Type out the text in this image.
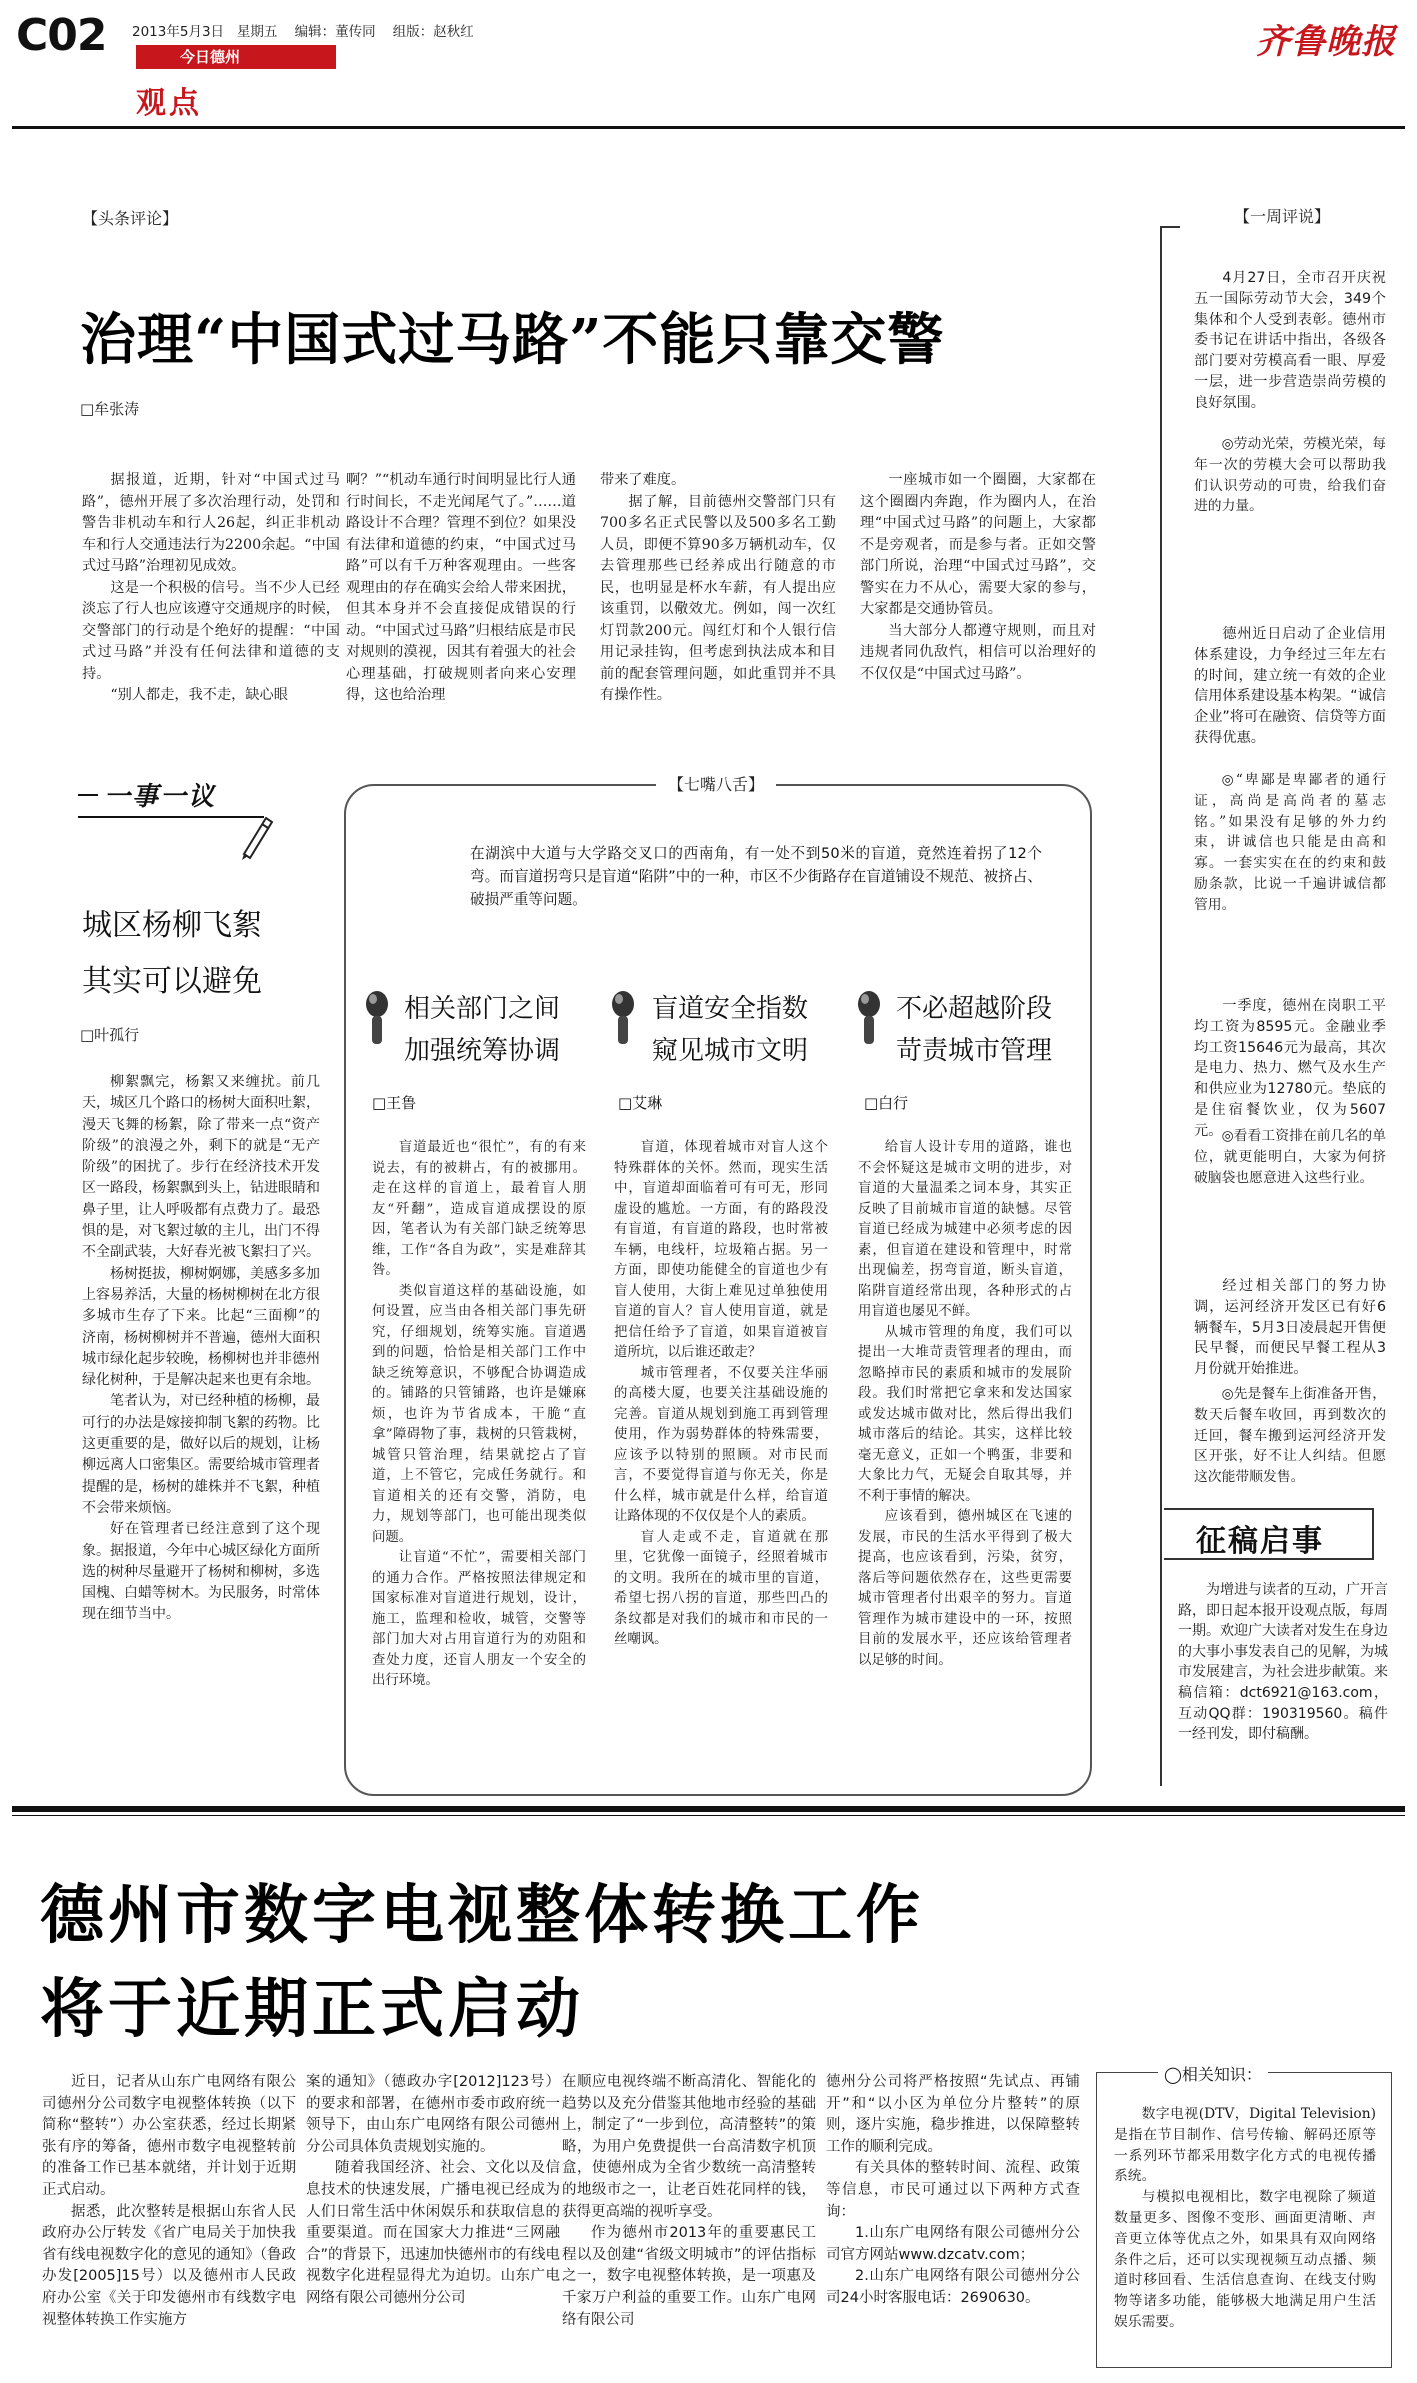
C02 2013年5月3日 星期五 编辑：董传同 组版：赵秋红
今日德州
观点
齐鲁晚报
【头条评论】
治理“中国式过马路”不能只靠交警
□牟张涛

据报道，近期，针对“中国式过马路”，德州开展了多次治理行动，处罚和警告非机动车和行人26起，纠正非机动车和行人交通违法行为2200余起。“中国式过马路”治理初见成效。

这是一个积极的信号。当不少人已经淡忘了行人也应该遵守交通规序的时候，交警部门的行动是个绝好的提醒：“中国式过马路”并没有任何法律和道德的支持。

“别人都走，我不走，缺心眼

啊？”“机动车通行时间明显比行人通行时间长，不走光闻尾气了。”……道路设计不合理？管理不到位？如果没有法律和道德的约束，“中国式过马路”可以有千万种客观理由。一些客观理由的存在确实会给人带来困扰，但其本身并不会直接促成错误的行动。“中国式过马路”归根结底是市民对规则的漠视，因其有着强大的社会心理基础，打破规则者向来心安理得，这也给治理

带来了难度。

据了解，目前德州交警部门只有700多名正式民警以及500多名工勤人员，即便不算90多万辆机动车，仅去管理那些已经养成出行随意的市民，也明显是杯水车薪，有人提出应该重罚，以儆效尤。例如，闯一次红灯罚款200元。闯红灯和个人银行信用记录挂钩，但考虑到执法成本和目前的配套管理问题，如此重罚并不具有操作性。

一座城市如一个圈圈，大家都在这个圈圈内奔跑，作为圈内人，在治理“中国式过马路”的问题上，大家都不是旁观者，而是参与者。正如交警部门所说，治理“中国式过马路”，交警实在力不从心，需要大家的参与，大家都是交通协管员。

当大部分人都遵守规则，而且对违规者同仇敌忾，相信可以治理好的不仅仅是“中国式过马路”。

一事一议
城区杨柳飞絮
其实可以避免
□叶孤行

柳絮飘完，杨絮又来缠扰。前几天，城区几个路口的杨树大面积吐絮，漫天飞舞的杨絮，除了带来一点“资产阶级”的浪漫之外，剩下的就是“无产阶级”的困扰了。步行在经济技术开发区一路段，杨絮飘到头上，钻进眼睛和鼻子里，让人呼吸都有点费力了。最恐惧的是，对飞絮过敏的主儿，出门不得不全副武装，大好春光被飞絮扫了兴。

杨树挺拔，柳树婀娜，美感多多加上容易养活，大量的杨树柳树在北方很多城市生存了下来。比起“三面柳”的济南，杨树柳树并不普遍，德州大面积城市绿化起步较晚，杨柳树也并非德州绿化树种，于是解决起来也更有余地。

笔者认为，对已经种植的杨柳，最可行的办法是嫁接抑制飞絮的药物。比这更重要的是，做好以后的规划，让杨柳远离人口密集区。需要给城市管理者提醒的是，杨树的雄株并不飞絮，种植不会带来烦恼。

好在管理者已经注意到了这个现象。据报道，今年中心城区绿化方面所选的树种尽量避开了杨树和柳树，多选国槐、白蜡等树木。为民服务，时常体现在细节当中。

【七嘴八舌】
在湖滨中大道与大学路交叉口的西南角，有一处不到50米的盲道，竟然连着拐了12个弯。而盲道拐弯只是盲道“陷阱”中的一种，市区不少街路存在盲道铺设不规范、被挤占、破损严重等问题。
相关部门之间
加强统筹协调
盲道安全指数
窥见城市文明
不必超越阶段
苛责城市管理
□王鲁	□艾琳	□白行

盲道最近也“很忙”，有的有来说去，有的被耕占，有的被挪用。走在这样的盲道上，最着盲人朋友“歼翻”，造成盲道成摆设的原因，笔者认为有关部门缺乏统筹思维，工作“各自为政”，实是难辞其咎。

类似盲道这样的基础设施，如何设置，应当由各相关部门事先研究，仔细规划，统筹实施。盲道遇到的问题，恰恰是相关部门工作中缺乏统筹意识，不够配合协调造成的。铺路的只管铺路，也许是嫌麻烦，也许为节省成本，干脆“直拿”障碍物了事，栽树的只管栽树，城管只管治理，结果就挖占了盲道，上不管它，完成任务就行。和盲道相关的还有交警，消防，电力，规划等部门，也可能出现类似问题。

让盲道“不忙”，需要相关部门的通力合作。严格按照法律规定和国家标准对盲道进行规划，设计，施工，监理和检收，城管，交警等部门加大对占用盲道行为的劝阻和查处力度，还盲人朋友一个安全的出行环境。

盲道，体现着城市对盲人这个特殊群体的关怀。然而，现实生活中，盲道却面临着可有可无，形同虚设的尴尬。一方面，有的路段没有盲道，有盲道的路段，也时常被车辆，电线杆，垃圾箱占据。另一方面，即使功能健全的盲道也少有盲人使用，大街上难见过单独使用盲道的盲人？盲人使用盲道，就是把信任给予了盲道，如果盲道被盲道所坑，以后谁还敢走？

城市管理者，不仅要关注华丽的高楼大厦，也要关注基础设施的完善。盲道从规划到施工再到管理使用，作为弱势群体的特殊需要，应该予以特别的照顾。对市民而言，不要觉得盲道与你无关，你是什么样，城市就是什么样，给盲道让路体现的不仅仅是个人的素质。

盲人走或不走，盲道就在那里，它犹像一面镜子，经照着城市的文明。我所在的城市里的盲道，希望七拐八拐的盲道，那些凹凸的条纹都是对我们的城市和市民的一丝嘲讽。

给盲人设计专用的道路，谁也不会怀疑这是城市文明的进步，对盲道的大量温柔之词本身，其实正反映了目前城市盲道的缺憾。尽管盲道已经成为城建中必须考虑的因素，但盲道在建设和管理中，时常出现偏差，拐弯盲道，断头盲道，陷阱盲道经常出现，各种形式的占用盲道也屡见不鲜。

从城市管理的角度，我们可以提出一大堆苛责管理者的理由，而忽略掉市民的素质和城市的发展阶段。我们时常把它拿来和发达国家或发达城市做对比，然后得出我们城市落后的结论。其实，这样比较毫无意义，正如一个鸭蛋，非要和大象比力气，无疑会自取其辱，并不利于事情的解决。

应该看到，德州城区在飞速的发展，市民的生活水平得到了极大提高，也应该看到，污染，贫穷，落后等问题依然存在，这些更需要城市管理者付出艰辛的努力。盲道管理作为城市建设中的一环，按照目前的发展水平，还应该给管理者以足够的时间。

【一周评说】
4月27日，全市召开庆祝五一国际劳动节大会，349个集体和个人受到表彰。德州市委书记在讲话中指出，各级各部门要对劳模高看一眼、厚爱一层，进一步营造崇尚劳模的良好氛围。
◎劳动光荣，劳模光荣，每年一次的劳模大会可以帮助我们认识劳动的可贵，给我们奋进的力量。
德州近日启动了企业信用体系建设，力争经过三年左右的时间，建立统一有效的企业信用体系建设基本构架。“诚信企业”将可在融资、信贷等方面获得优惠。
◎“卑鄙是卑鄙者的通行证，高尚是高尚者的墓志铭。”如果没有足够的外力约束，讲诚信也只能是由高和寡。一套实实在在的约束和鼓励条款，比说一千遍讲诚信都管用。
一季度，德州在岗职工平均工资为8595元。金融业季均工资15646元为最高，其次是电力、热力、燃气及水生产和供应业为12780元。垫底的是住宿餐饮业，仅为5607元。 ◎看看工资排在前几名的单位，就更能明白，大家为何挤破脑袋也愿意进入这些行业。
经过相关部门的努力协调，运河经济开发区已有好6辆餐车，5月3日凌晨起开售便民早餐，而便民早餐工程从3月份就开始推进。
◎先是餐车上街准备开售，数天后餐车收回，再到数次的迁回，餐车搬到运河经济开发区开张，好不让人纠结。但愿这次能带顺发售。
征稿启事
为增进与读者的互动，广开言路，即日起本报开设观点版，每周一期。欢迎广大读者对发生在身边的大事小事发表自己的见解，为城市发展建言，为社会进步献策。来稿信箱：dct6921@163.com，互动QQ群：190319560。稿件一经刊发，即付稿酬。
德州市数字电视整体转换工作
将于近期正式启动

近日，记者从山东广电网络有限公司德州分公司数字电视整体转换（以下简称“整转”）办公室获悉，经过长期紧张有序的筹备，德州市数字电视整转前的准备工作已基本就绪，并计划于近期正式启动。

据悉，此次整转是根据山东省人民政府办公厅转发《省广电局关于加快我省有线电视数字化的意见的通知》（鲁政办发[2005]15号）以及德州市人民政府办公室《关于印发德州市有线数字电视整体转换工作实施方

案的通知》（德政办字[2012]123号）的要求和部署，在德州市委市政府统一领导下，由山东广电网络有限公司德州分公司具体负责规划实施的。

随着我国经济、社会、文化以及信息技术的快速发展，广播电视已经成为人们日常生活中休闲娱乐和获取信息的重要渠道。而在国家大力推进“三网融合”的背景下，迅速加快德州市的有线电视数字化进程显得尤为迫切。山东广电网络有限公司德州分公司

在顺应电视终端不断高清化、智能化的趋势以及充分借鉴其他地市经验的基础上，制定了“一步到位，高清整转”的策略，为用户免费提供一台高清数字机顶盒，使德州成为全省少数统一高清整转的地级市之一，让老百姓花同样的钱，获得更高端的视听享受。

作为德州市2013年的重要惠民工程以及创建“省级文明城市”的评估指标之一，数字电视整体转换，是一项惠及千家万户利益的重要工作。山东广电网络有限公司

德州分公司将严格按照“先试点、再铺开”和“以小区为单位分片整转”的原则，逐片实施，稳步推进，以保障整转工作的顺利完成。

有关具体的整转时间、流程、政策等信息，市民可通过以下两种方式查询：

1.山东广电网络有限公司德州分公司官方网站www.dzcatv.com；

2.山东广电网络有限公司德州分公司24小时客服电话：2690630。

◯相关知识：

数字电视(DTV，Digital Television)是指在节目制作、信号传输、解码还原等一系列环节都采用数字化方式的电视传播系统。

与模拟电视相比，数字电视除了频道数量更多、图像不变形、画面更清晰、声音更立体等优点之外，如果具有双向网络条件之后，还可以实现视频互动点播、频道时移回看、生活信息查询、在线支付购物等诸多功能，能够极大地满足用户生活娱乐需要。
